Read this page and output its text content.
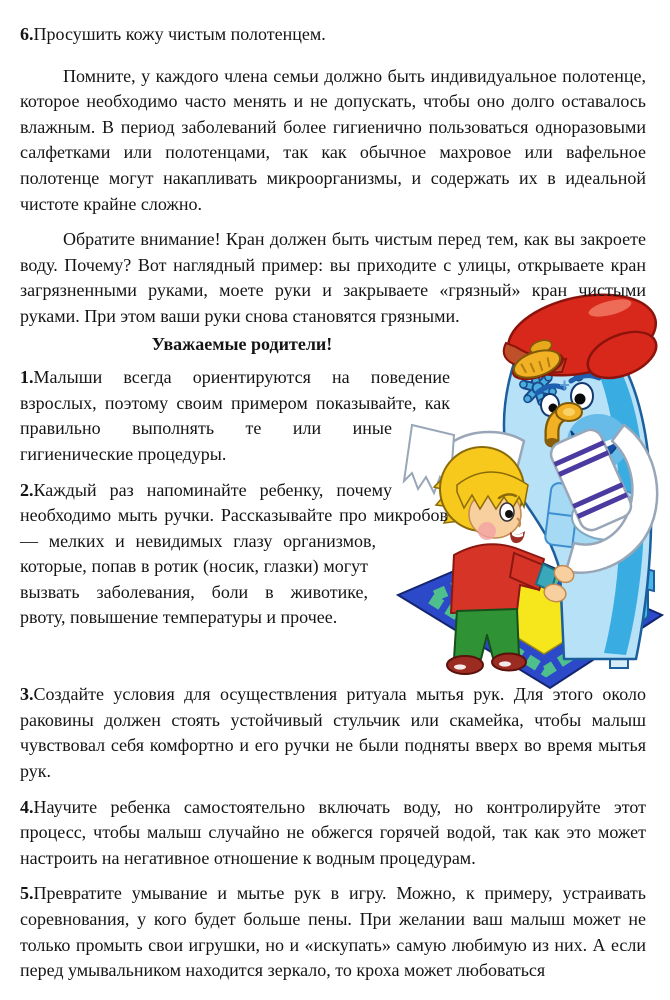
6.Просушить кожу чистым полотенцем.

Помните, у каждого члена семьи должно быть индивидуальное полотенце, которое необходимо часто менять и не допускать, чтобы оно долго оставалось влажным. В период заболеваний более гигиенично пользоваться одноразовыми салфетками или полотенцами, так как обычное махровое или вафельное полотенце могут накапливать микроорганизмы, и содержать их в идеальной чистоте крайне сложно.

Обратите внимание! Кран должен быть чистым перед тем, как вы закроете воду. Почему? Вот наглядный пример: вы приходите с улицы, открываете кран загрязненными руками, моете руки и закрываете «грязный» кран чистыми руками. При этом ваши руки снова становятся грязными.

Уважаемые родители!

1.Малыши всегда ориентируются на поведение взрослых, поэтому своим примером показывайте, как правильно выполнять те или иные гигиенические процедуры.

2.Каждый раз напоминайте ребенку, почему необходимо мыть ручки. Рассказывайте про микробов — мелких и невидимых глазу организмов, которые, попав в ротик (носик, глазки) могут вызвать заболевания, боли в животике, рвоту, повышение температуры и прочее.

3.Создайте условия для осуществления ритуала мытья рук. Для этого около раковины должен стоять устойчивый стульчик или скамейка, чтобы малыш чувствовал себя комфортно и его ручки не были подняты вверх во время мытья рук.

4.Научите ребенка самостоятельно включать воду, но контролируйте этот процесс, чтобы малыш случайно не обжегся горячей водой, так как это может настроить на негативное отношение к водным процедурам.

5.Превратите умывание и мытье рук в игру. Можно, к примеру, устраивать соревнования, у кого будет больше пены. При желании ваш малыш может не только промыть свои игрушки, но и «искупать» самую любимую из них. А если перед умывальником находится зеркало, то кроха может любоваться
